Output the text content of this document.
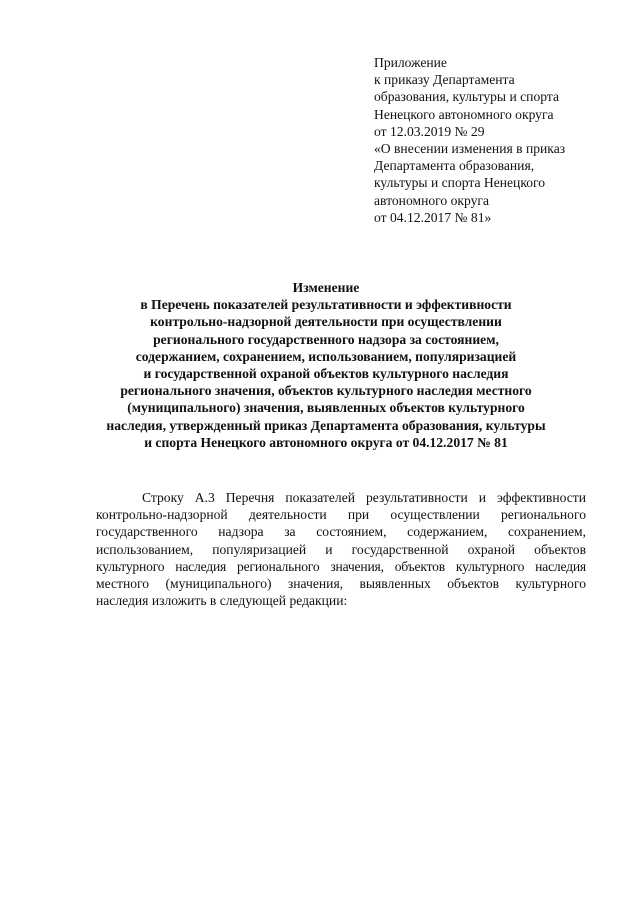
Приложение
к приказу Департамента
образования, культуры и спорта
Ненецкого автономного округа
от 12.03.2019 № 29
«О внесении изменения в приказ
Департамента образования,
культуры и спорта Ненецкого
автономного округа
от 04.12.2017 № 81»
Изменение
в Перечень показателей результативности и эффективности
контрольно-надзорной деятельности при осуществлении
регионального государственного надзора за состоянием,
содержанием, сохранением, использованием, популяризацией
и государственной охраной объектов культурного наследия
регионального значения, объектов культурного наследия местного
(муниципального) значения, выявленных объектов культурного
наследия, утвержденный приказ Департамента образования, культуры
и спорта Ненецкого автономного округа от 04.12.2017 № 81
Строку А.3 Перечня показателей результативности и эффективности
контрольно-надзорной деятельности при осуществлении регионального
государственного надзора за состоянием, содержанием, сохранением,
использованием, популяризацией и государственной охраной объектов
культурного наследия регионального значения, объектов культурного наследия
местного (муниципального) значения, выявленных объектов культурного
наследия изложить в следующей редакции:
